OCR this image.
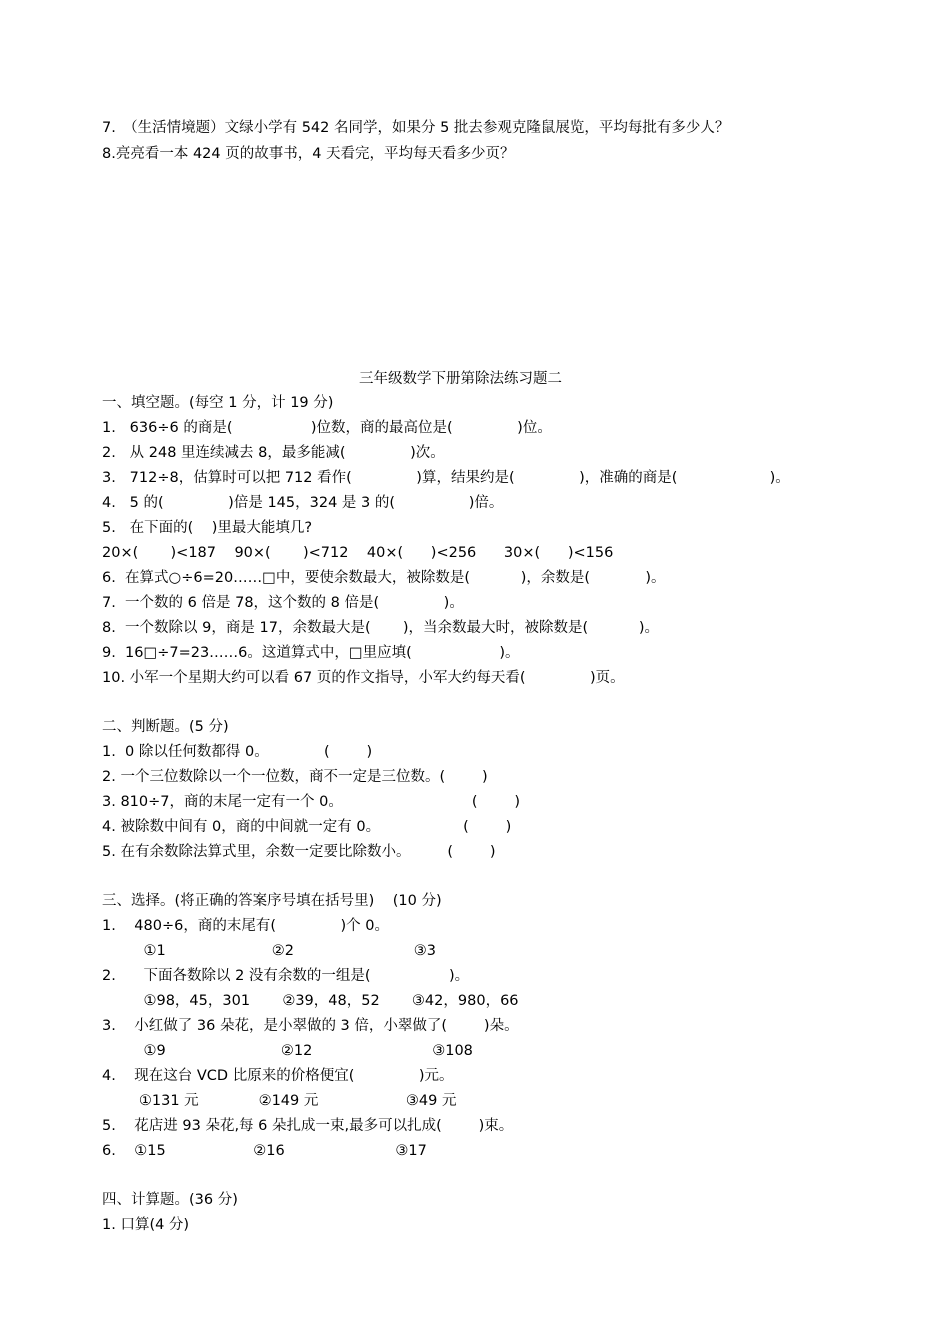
7.　（生活情境题）文绿小学有 542 名同学，如果分 5 批去参观克隆鼠展览，平均每批有多少人？
8.亮亮看一本 424 页的故事书，4 天看完，平均每天看多少页？
三年级数学下册第除法练习题二
一、填空题。(每空 1 分，计 19 分)
1.   636÷6 的商是(                 )位数，商的最高位是(              )位。
2.   从 248 里连续减去 8，最多能减(              )次。
3.   712÷8，估算时可以把 712 看作(              )算，结果约是(              )，准确的商是(                    )。
4.   5 的(              )倍是 145，324 是 3 的(                )倍。
5.   在下面的(    )里最大能填几?
20×(       )<187    90×(       )<712    40×(      )<256      30×(      )<156
6.  在算式○÷6=20……□中，要使余数最大，被除数是(           )，余数是(            )。
7.  一个数的 6 倍是 78，这个数的 8 倍是(              )。
8.  一个数除以 9，商是 17，余数最大是(       )，当余数最大时，被除数是(           )。
9.  16□÷7=23……6。这道算式中，□里应填(                   )。
10. 小军一个星期大约可以看 67 页的作文指导，小军大约每天看(              )页。
二、判断题。(5 分)
1.  0 除以任何数都得 0。            (        )
2. 一个三位数除以一个一位数，商不一定是三位数。(        )
3. 810÷7，商的末尾一定有一个 0。                            (        )
4. 被除数中间有 0，商的中间就一定有 0。                  (        )
5. 在有余数除法算式里，余数一定要比除数小。        (        )
三、选择。(将正确的答案序号填在括号里)    (10 分)
1.    480÷6，商的末尾有(              )个 0。
①1                       ②2                          ③3
2.      下面各数除以 2 没有余数的一组是(                 )。
①98，45，301       ②39，48，52       ③42，980，66
3.    小红做了 36 朵花，是小翠做的 3 倍，小翠做了(        )朵。
①9                         ②12                          ③108
4.    现在这台 VCD 比原来的价格便宜(              )元。
①131 元             ②149 元                   ③49 元
5.    花店进 93 朵花,每 6 朵扎成一束,最多可以扎成(        )束。
6.    ①15                   ②16                        ③17
四、计算题。(36 分)
1. 口算(4 分)
